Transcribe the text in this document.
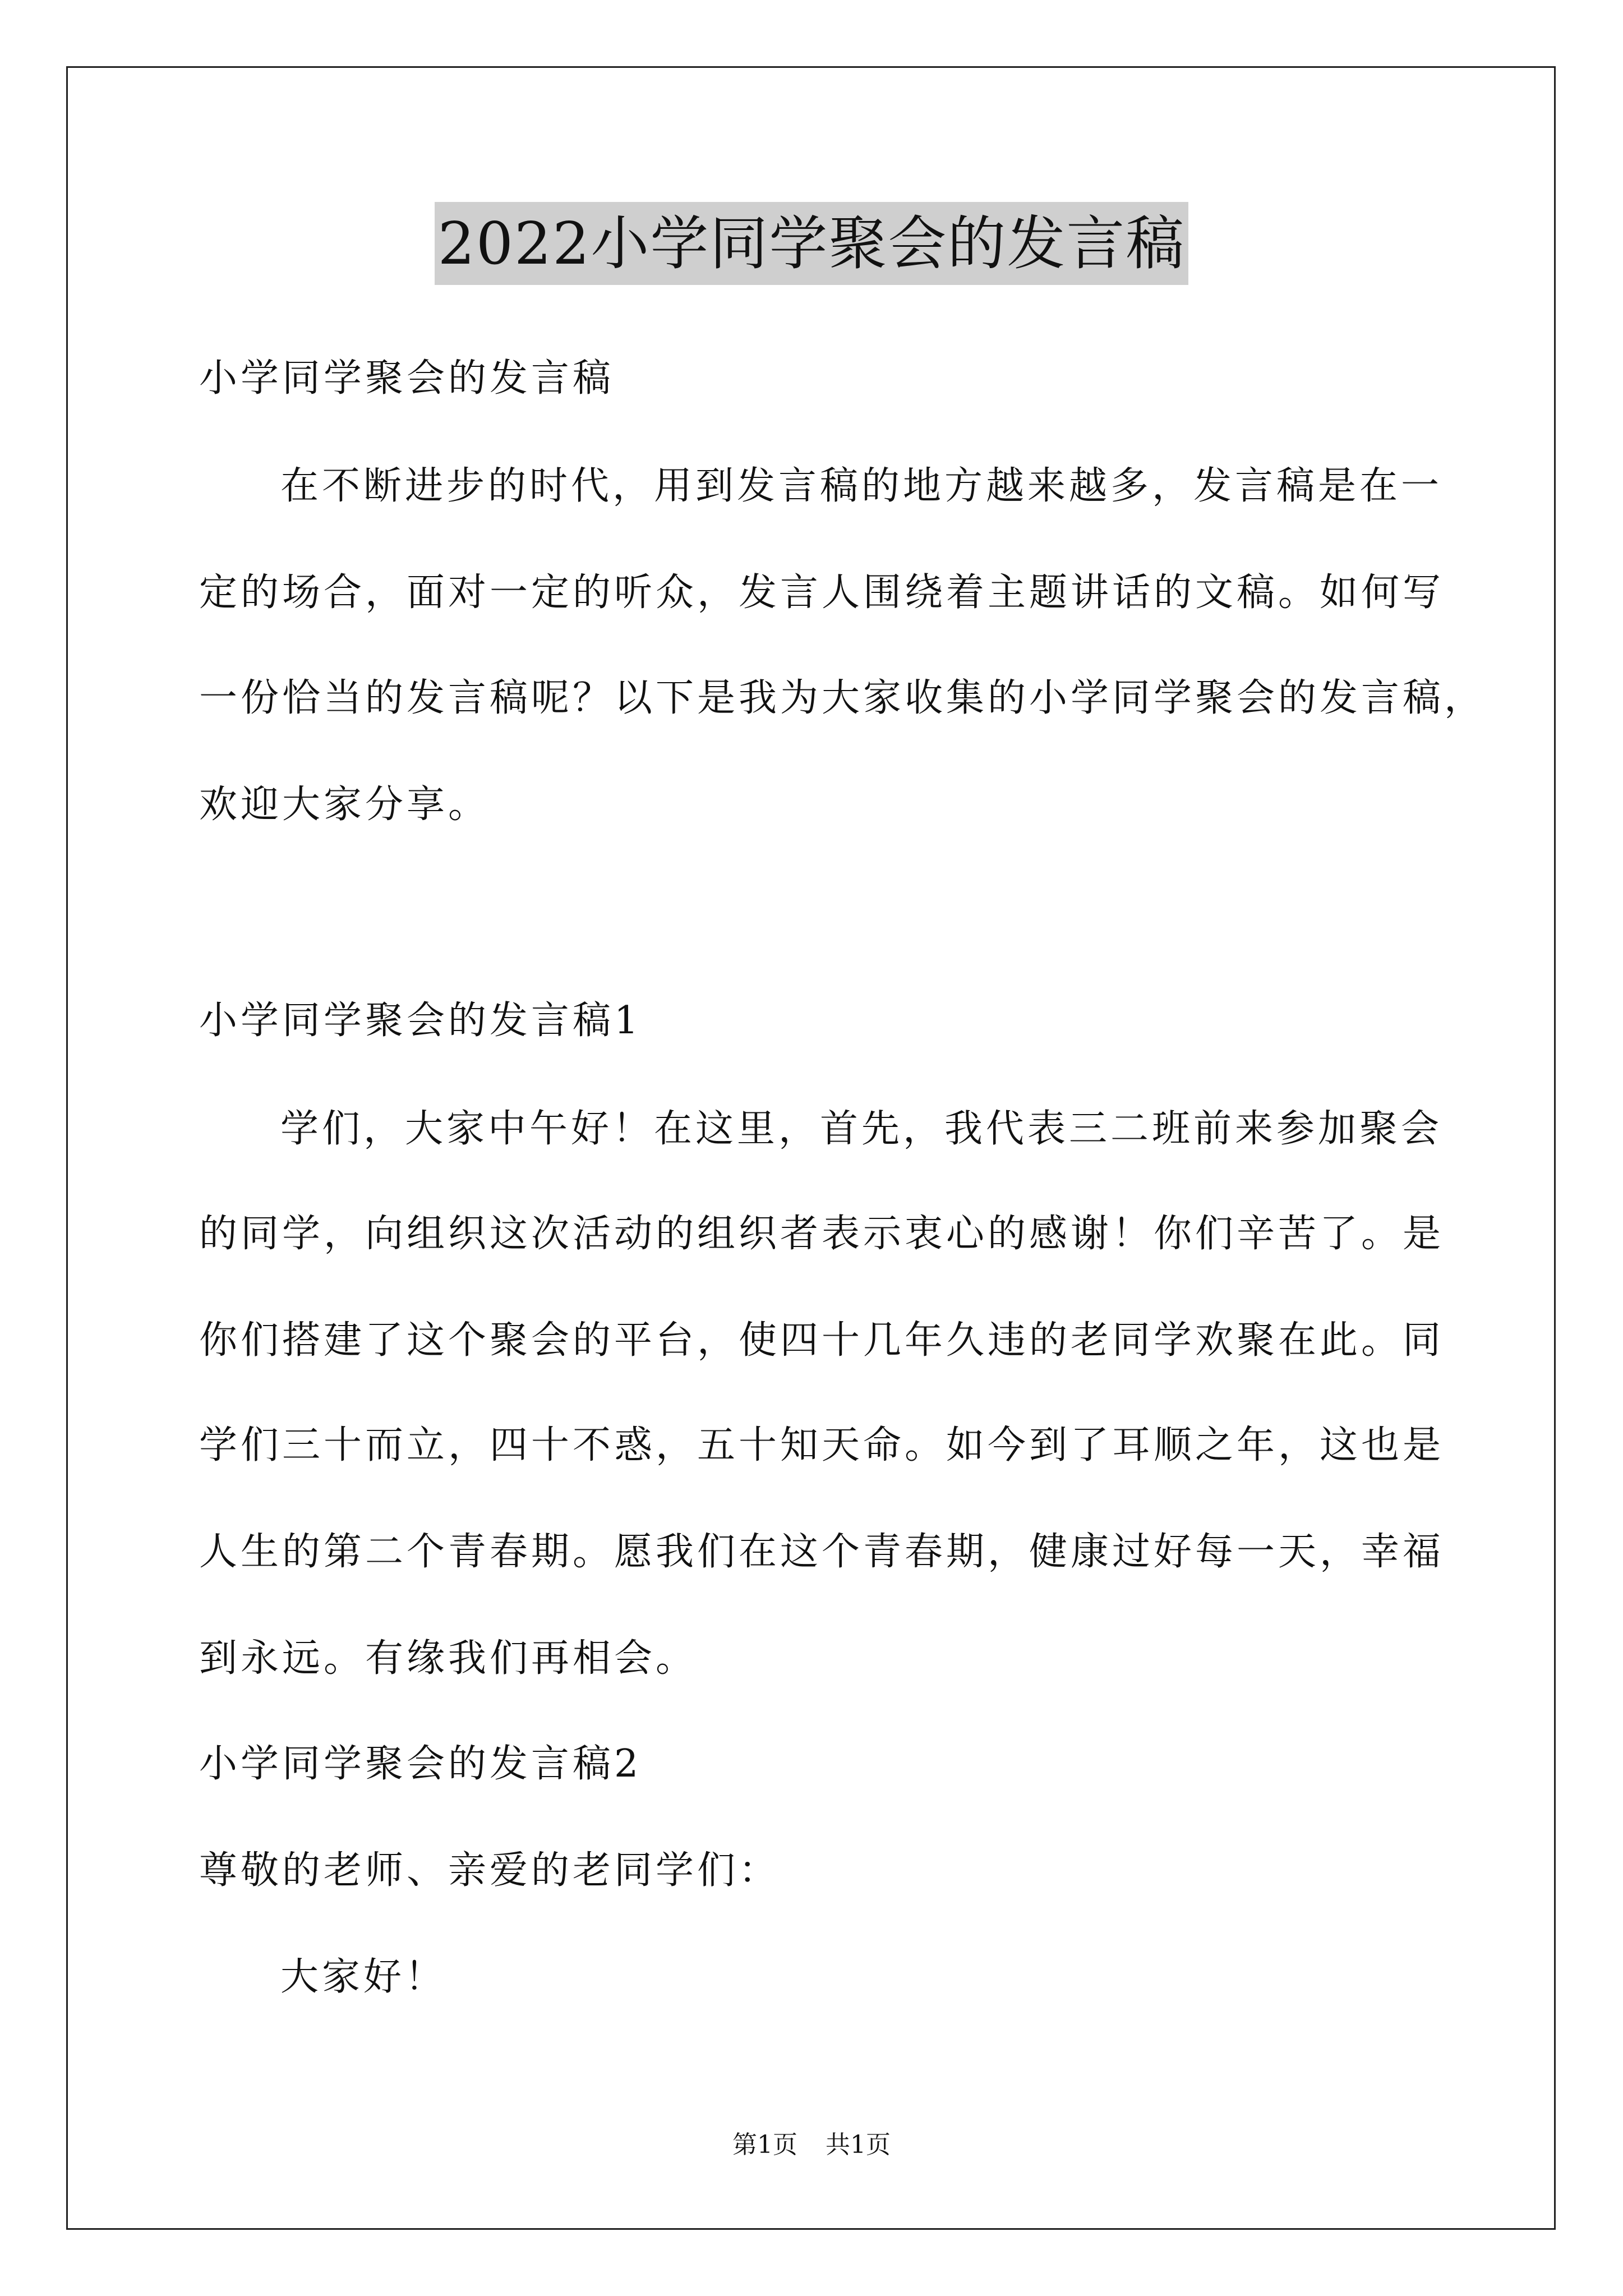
2022小学同学聚会的发言稿
小学同学聚会的发言稿
在不断进步的时代，用到发言稿的地方越来越多，发言稿是在一
定的场合，面对一定的听众，发言人围绕着主题讲话的文稿。如何写
一份恰当的发言稿呢？以下是我为大家收集的小学同学聚会的发言稿，
欢迎大家分享。
小学同学聚会的发言稿1
学们，大家中午好！在这里，首先，我代表三二班前来参加聚会
的同学，向组织这次活动的组织者表示衷心的感谢！你们辛苦了。是
你们搭建了这个聚会的平台，使四十几年久违的老同学欢聚在此。同
学们三十而立，四十不惑，五十知天命。如今到了耳顺之年，这也是
人生的第二个青春期。愿我们在这个青春期，健康过好每一天，幸福
到永远。有缘我们再相会。
小学同学聚会的发言稿2
尊敬的老师、亲爱的老同学们：
大家好！
第1页 共1页
